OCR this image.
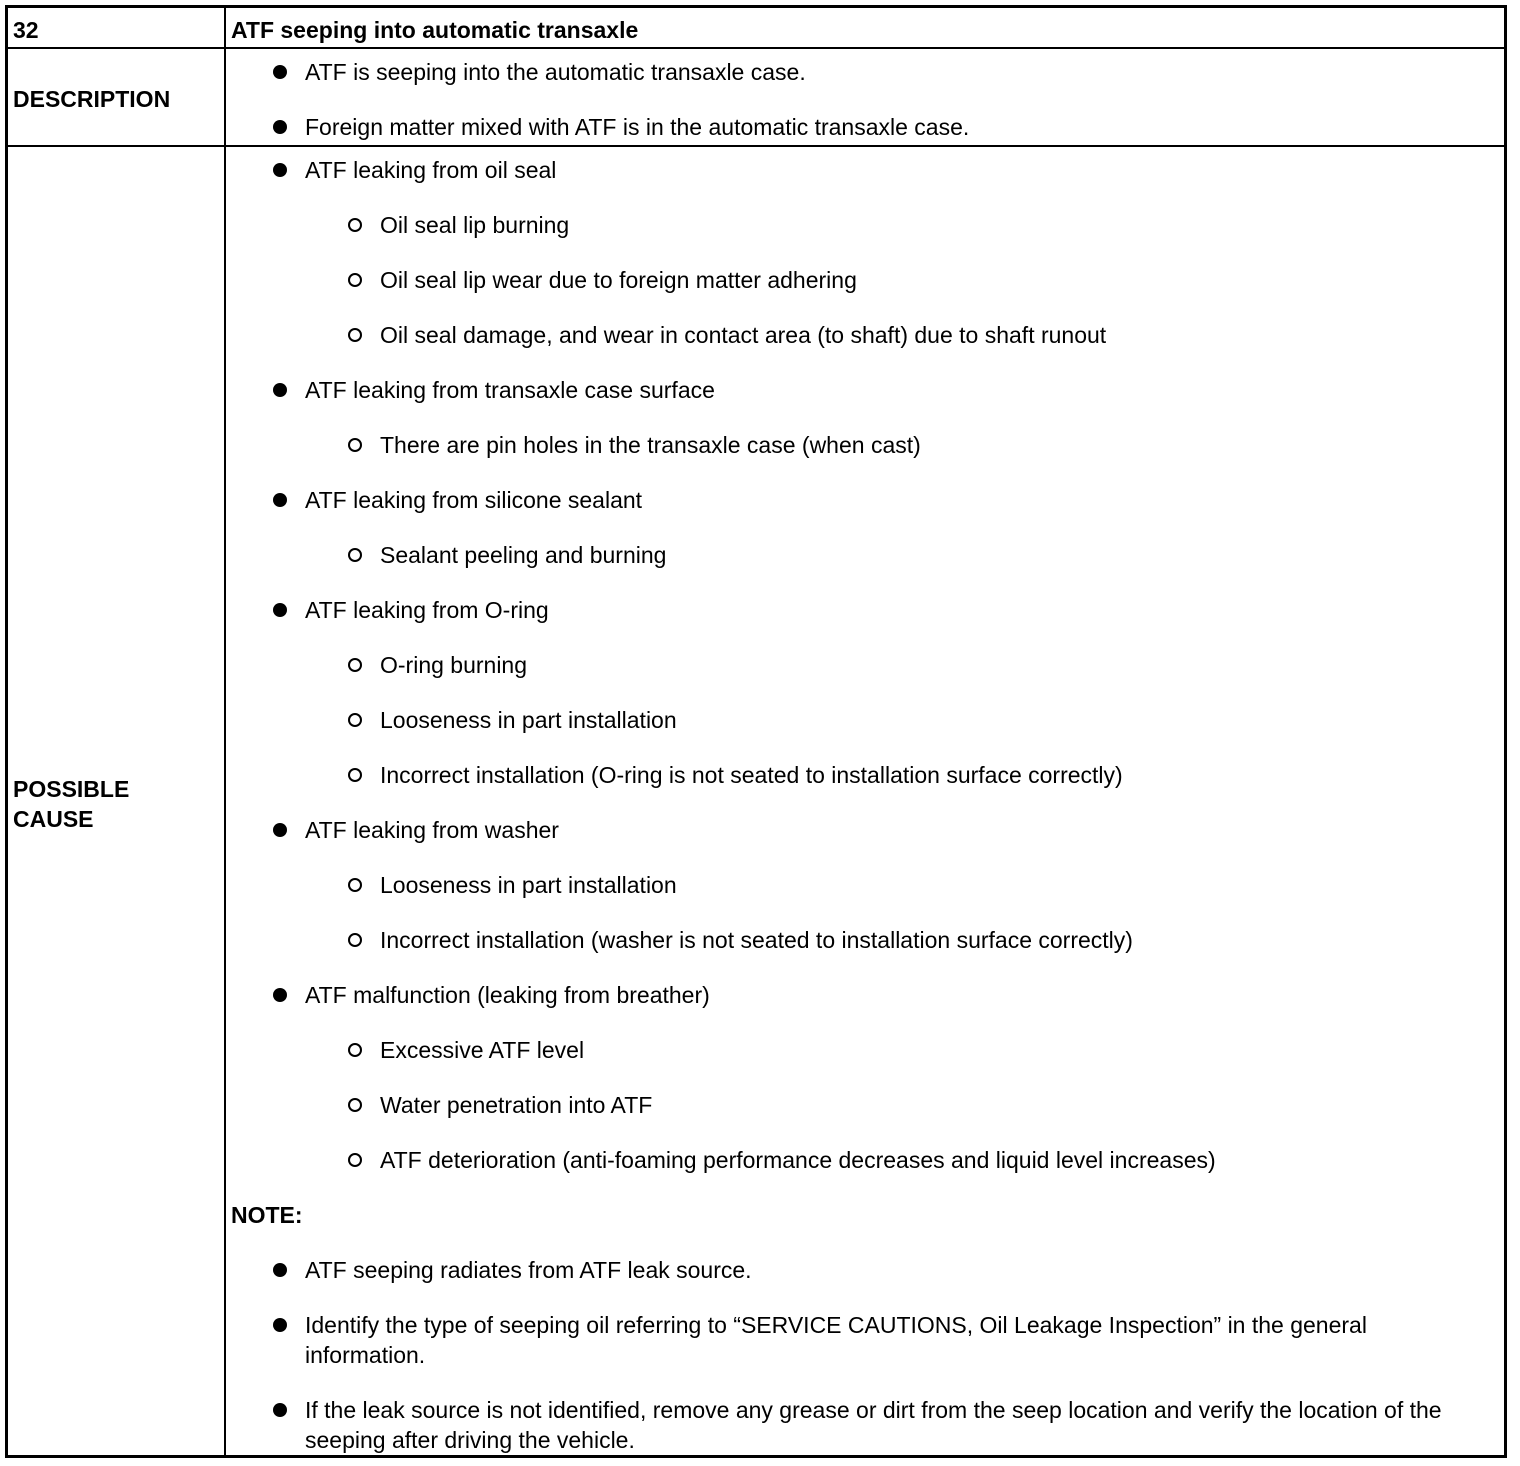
32	ATF seeping into automatic transaxle
DESCRIPTION
ATF is seeping into the automatic transaxle case.
Foreign matter mixed with ATF is in the automatic transaxle case.
POSSIBLE
CAUSE
ATF leaking from oil seal
Oil seal lip burning
Oil seal lip wear due to foreign matter adhering
Oil seal damage, and wear in contact area (to shaft) due to shaft runout
ATF leaking from transaxle case surface
There are pin holes in the transaxle case (when cast)
ATF leaking from silicone sealant
Sealant peeling and burning
ATF leaking from O-ring
O-ring burning
Looseness in part installation
Incorrect installation (O-ring is not seated to installation surface correctly)
ATF leaking from washer
Looseness in part installation
Incorrect installation (washer is not seated to installation surface correctly)
ATF malfunction (leaking from breather)
Excessive ATF level
Water penetration into ATF
ATF deterioration (anti-foaming performance decreases and liquid level increases)
NOTE:
ATF seeping radiates from ATF leak source.
Identify the type of seeping oil referring to “SERVICE CAUTIONS, Oil Leakage Inspection” in the general information.
If the leak source is not identified, remove any grease or dirt from the seep location and verify the location of the seeping after driving the vehicle.
